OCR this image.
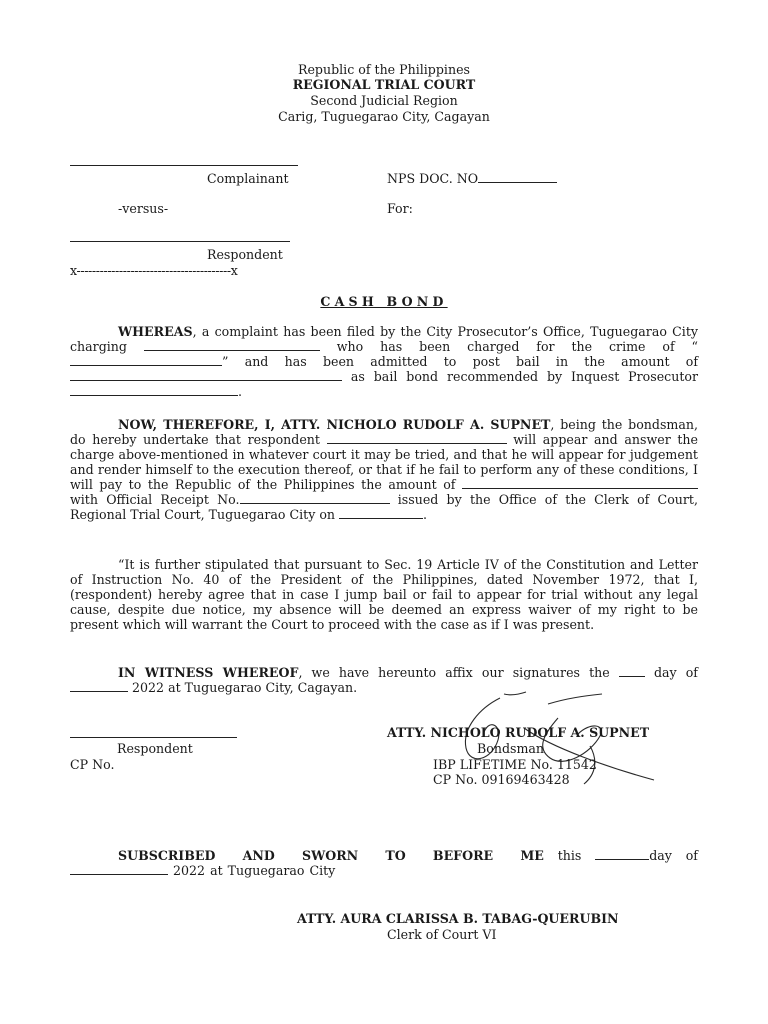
Republic of the Philippines
REGIONAL TRIAL COURT
Second Judicial Region
Carig, Tuguegarao City, Cagayan
Complainant	NPS DOC. NO
-versus-	For:
Respondent
x----------------------------------------x
CASH BOND
WHEREAS, a complaint has been filed by the City Prosecutor’s Office, Tuguegarao City charging	who has been charged for the crime of “” and has been admitted to post bail in the amount of  as bail bond recommended by Inquest Prosecutor .
NOW, THEREFORE, I, ATTY. NICHOLO RUDOLF A. SUPNET, being the bondsman, do hereby undertake that respondent	will appear and answer the charge above-mentioned in whatever court it may be tried, and that he will appear for judgement and render himself to the execution thereof, or that if he fail to perform any of these conditions, I will pay to the Republic of the Philippines the amount of  with Official Receipt No.	issued by the Office of the Clerk of Court, Regional Trial Court, Tuguegarao City on	.
“It is further stipulated that pursuant to Sec. 19 Article IV of the Constitution and Letter of Instruction No. 40 of the President of the Philippines, dated November 1972, that I, (respondent) hereby agree that in case I jump bail or fail to appear for trial without any legal cause, despite due notice, my absence will be deemed an express waiver of my right to be present which will warrant the Court to proceed with the case as if I was present.
IN WITNESS WHEREOF, we have hereunto affix our signatures the	day of  2022 at Tuguegarao City, Cagayan.
Respondent
CP No.
ATTY. NICHOLO RUDOLF A. SUPNET
Bondsman
IBP LIFETIME No. 11542
CP No. 09169463428
SUBSCRIBED AND SWORN TO BEFORE ME this	day of  2022 at Tuguegarao City
ATTY. AURA CLARISSA B. TABAG-QUERUBIN
Clerk of Court VI
